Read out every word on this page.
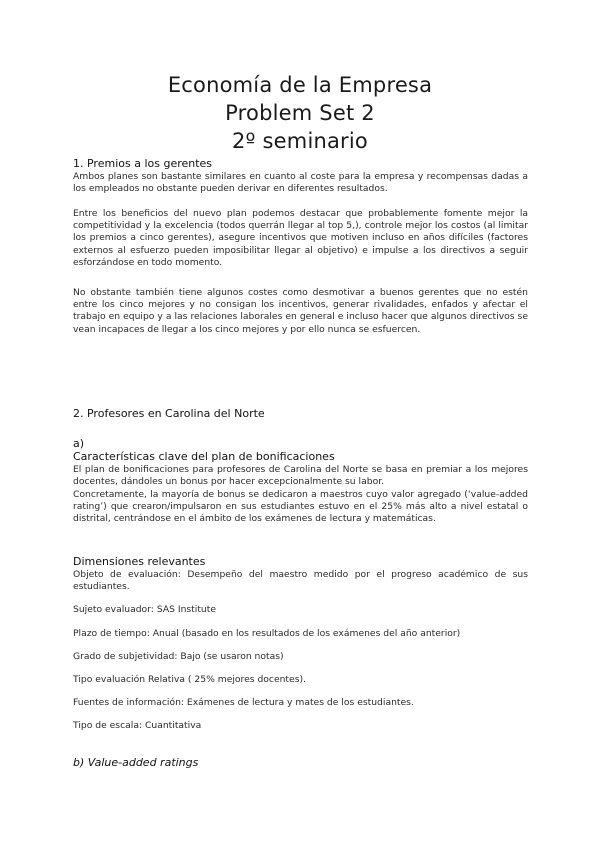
Economía de la Empresa
Problem Set 2
2º seminario
1. Premios a los gerentes
Ambos planes son bastante similares en cuanto al coste para la empresa y recompensas dadas a los empleados no obstante pueden derivar en diferentes resultados.
Entre los beneficios del nuevo plan podemos destacar que probablemente fomente mejor la competitividad y la excelencia (todos querrán llegar al top 5,), controle mejor los costos (al limitar los premios a cinco gerentes), asegure incentivos que motiven incluso en años difíciles (factores externos al esfuerzo pueden imposibilitar llegar al objetivo) e impulse a los directivos a seguir esforzándose en todo momento.
No obstante también tiene algunos costes como desmotivar a buenos gerentes que no estén entre los cinco mejores y no consigan los incentivos, generar rivalidades, enfados y afectar el trabajo en equipo y a las relaciones laborales en general e incluso hacer que algunos directivos se vean incapaces de llegar a los cinco mejores y por ello nunca se esfuercen.
2. Profesores en Carolina del Norte
a)
Características clave del plan de bonificaciones
El plan de bonificaciones para profesores de Carolina del Norte se basa en premiar a los mejores docentes, dándoles un bonus por hacer excepcionalmente su labor.
Concretamente, la mayoría de bonus se dedicaron a maestros cuyo valor agregado (‘value-added rating’) que crearon/impulsaron en sus estudiantes estuvo en el 25% más alto a nivel estatal o distrital, centrándose en el ámbito de los exámenes de lectura y matemáticas.
Dimensiones relevantes
Objeto de evaluación: Desempeño del maestro medido por el progreso académico de sus estudiantes.
Sujeto evaluador: SAS Institute
Plazo de tiempo: Anual (basado en los resultados de los exámenes del año anterior)
Grado de subjetividad: Bajo (se usaron notas)
Tipo evaluación Relativa ( 25% mejores docentes).
Fuentes de información: Exámenes de lectura y mates de los estudiantes.
Tipo de escala: Cuantitativa
b) Value-added ratings
